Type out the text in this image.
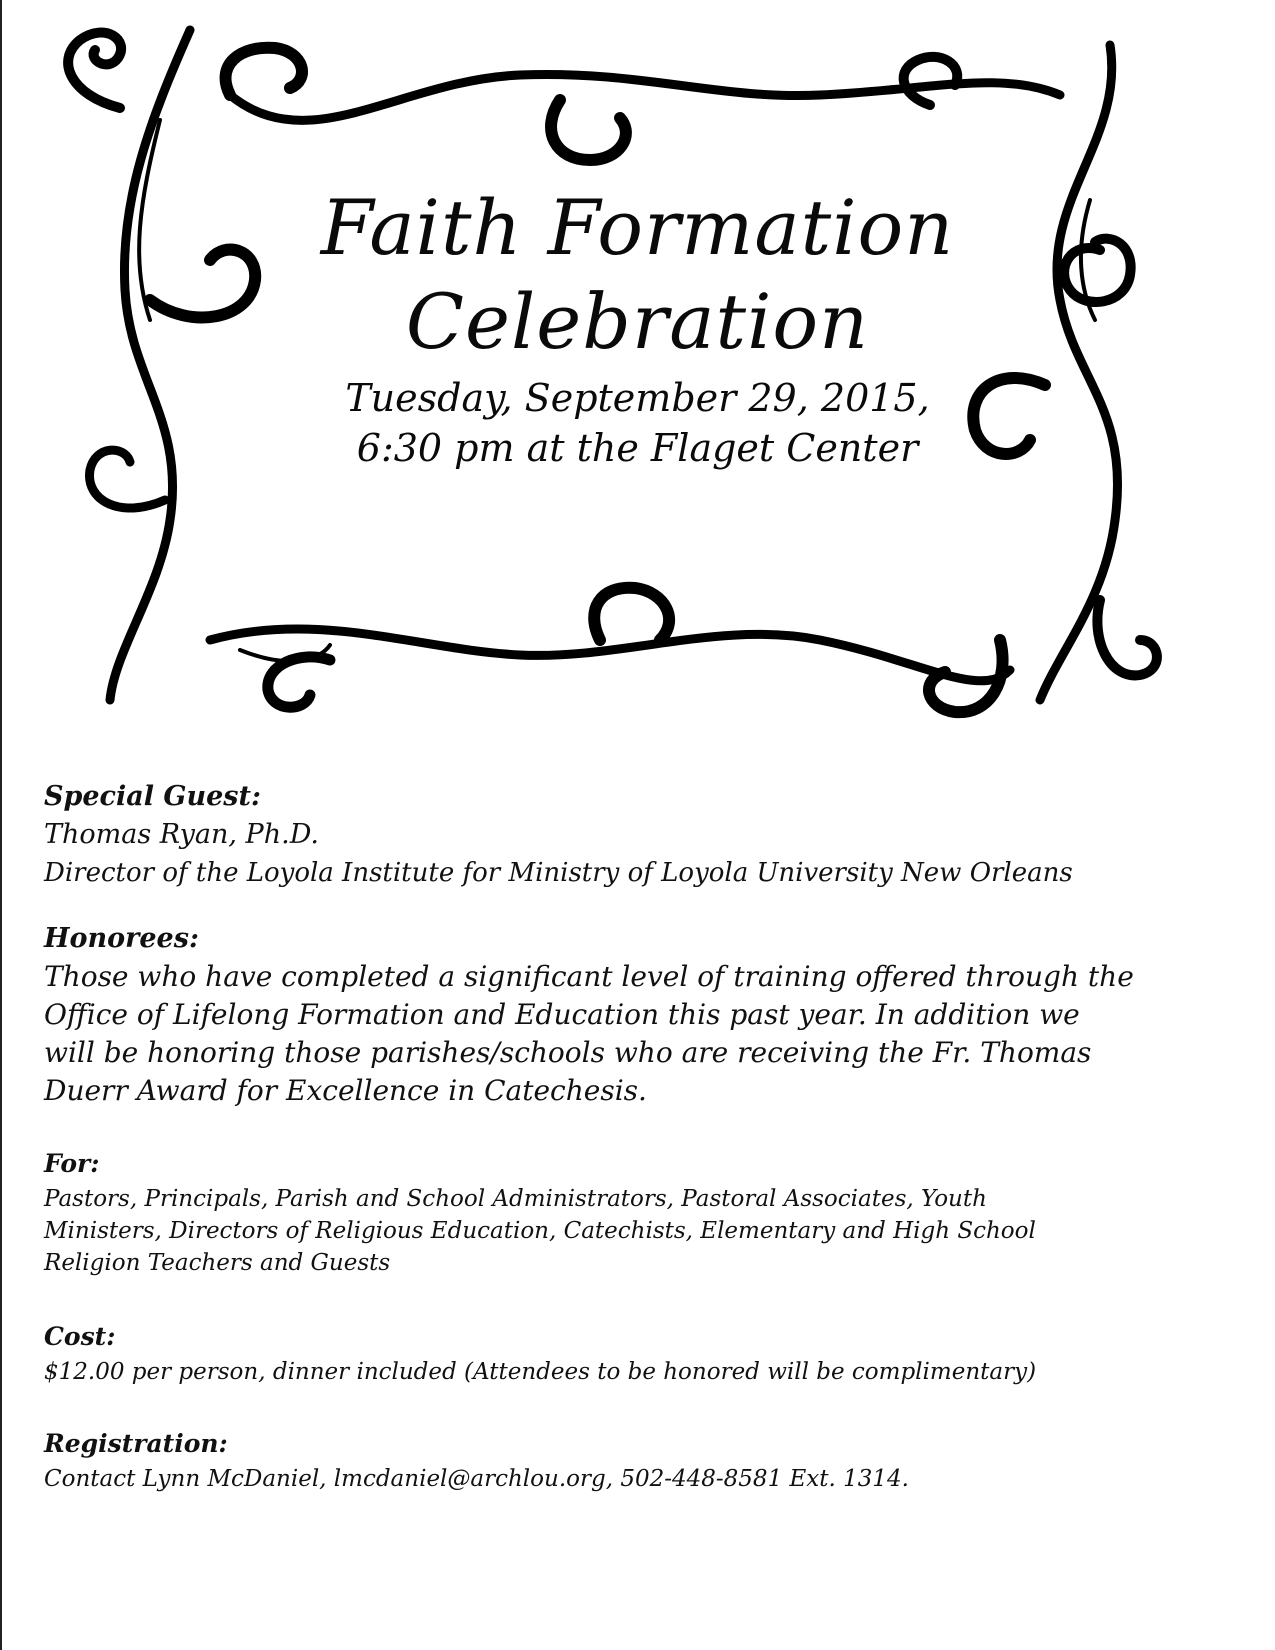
Faith Formation
Celebration
Tuesday, September 29, 2015,
6:30 pm at the Flaget Center
Special Guest:
Thomas Ryan, Ph.D.
Director of the Loyola Institute for Ministry of Loyola University New Orleans
Honorees:
Those who have completed a significant level of training offered through the
Office of Lifelong Formation and Education this past year. In addition we
will be honoring those parishes/schools who are receiving the Fr. Thomas
Duerr Award for Excellence in Catechesis.
For:
Pastors, Principals, Parish and School Administrators, Pastoral Associates, Youth
Ministers, Directors of Religious Education, Catechists, Elementary and High School
Religion Teachers and Guests
Cost:
$12.00 per person, dinner included (Attendees to be honored will be complimentary)
Registration:
Contact Lynn McDaniel, lmcdaniel@archlou.org, 502-448-8581 Ext. 1314.
